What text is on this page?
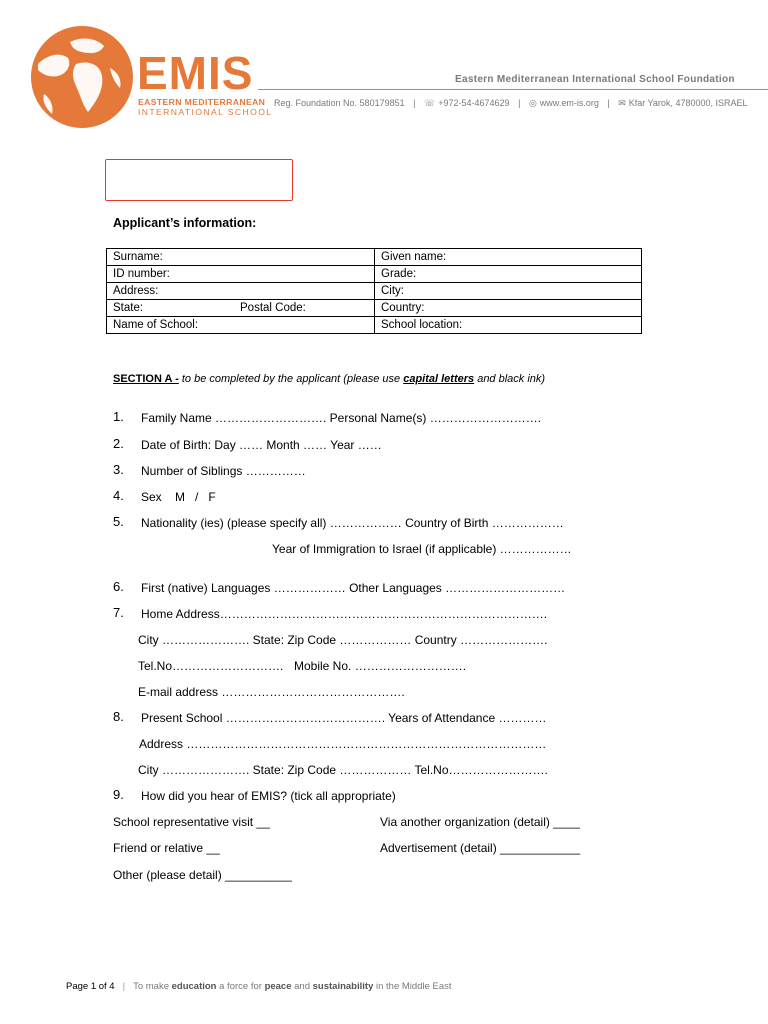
EMIS
EASTERN MEDITERRANEAN
INTERNATIONAL SCHOOL
Eastern Mediterranean International School Foundation
Reg. Foundation No. 580179851 | ☏ +972-54-4674629 | ◎ www.em-is.org | ✉ Kfar Yarok, 4780000, ISRAEL
Applicant’s information:
Surname:	Given name:
ID number:	Grade:
Address:	City:

State: Postal Code:	Country:
Name of School:	School location:
SECTION A - to be completed by the applicant (please use capital letters and black ink)
1. Family Name ………………………. Personal Name(s) ……………………….
2. Date of Birth: Day …… Month …… Year ……
3. Number of Siblings ……………
4. Sex    M   /   F
5. Nationality (ies) (please specify all) ……………… Country of Birth ………………
Year of Immigration to Israel (if applicable) ………………
6. First (native) Languages ……………… Other Languages …………………………
7. Home Address……………………………………………………………………….
City …………………. State: Zip Code ……………… Country ………………….
Tel.No………………………. Mobile No. ……………………….
E-mail address ……………………………………….
8. Present School …………………………………. Years of Attendance …………
Address ………………………………………………………………………………
City …………………. State: Zip Code ……………… Tel.No…………………….
9. How did you hear of EMIS? (tick all appropriate)
School representative visit __	Via another organization (detail) ____
Friend or relative __	Advertisement (detail) ____________
Other (please detail) __________
Page 1 of 4 | To make education a force for peace and sustainability in the Middle East
